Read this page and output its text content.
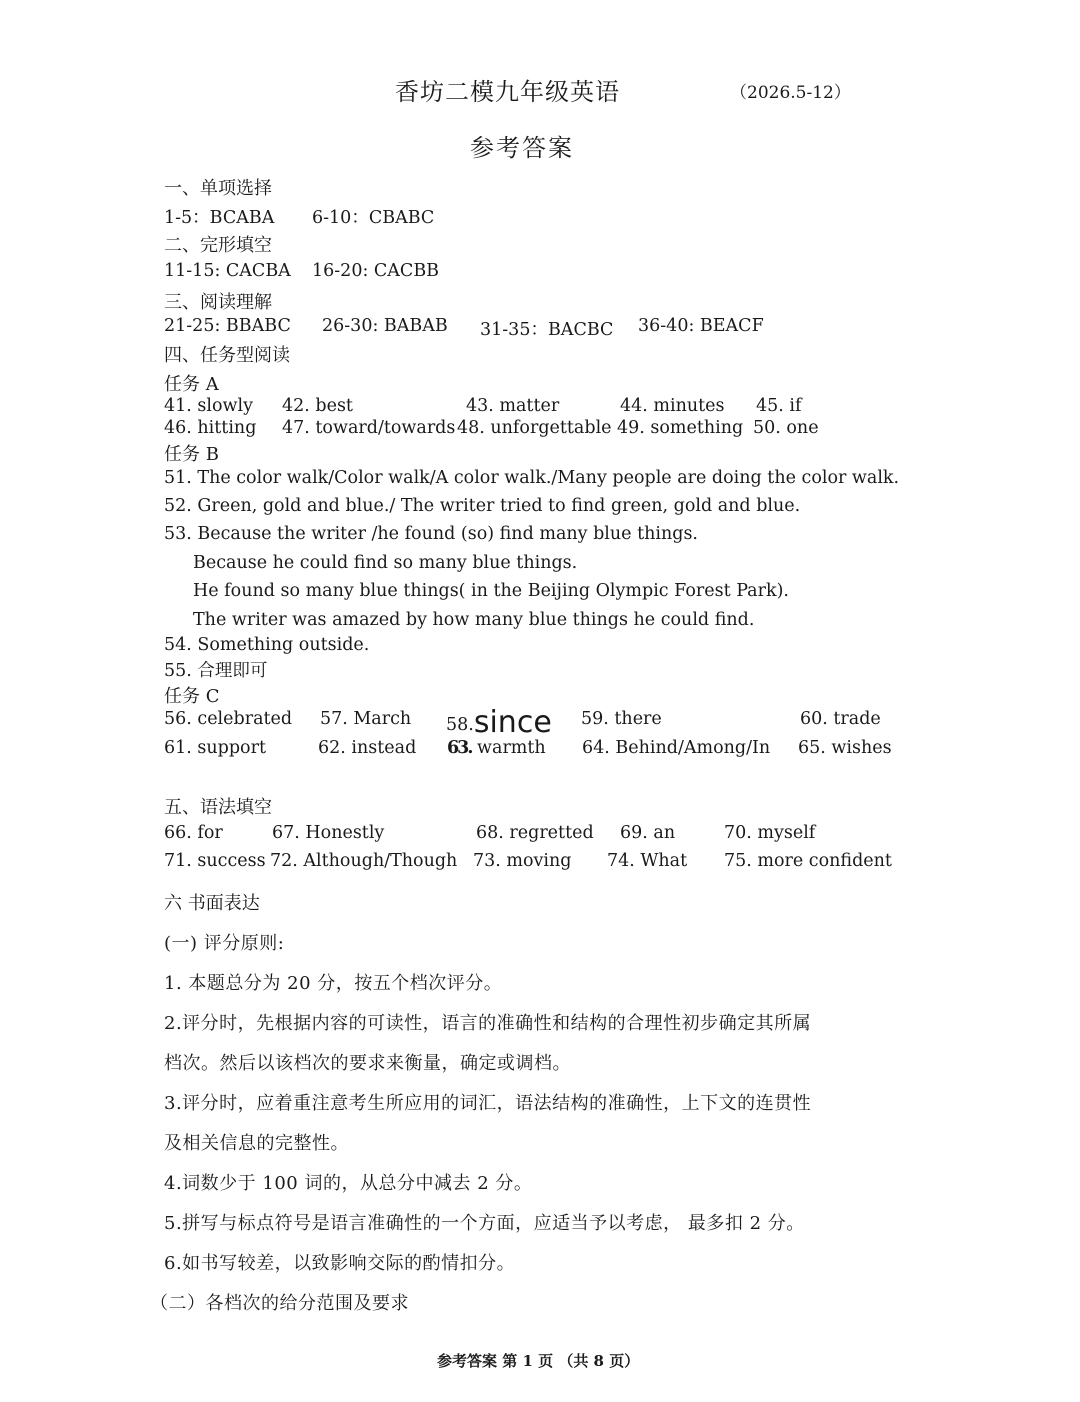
香坊二模九年级英语	（2026.5-12）
参考答案
一、单项选择
1-5：BCABA 6-10：CBABC
二、完形填空
11-15: CACBA 16-20: CACBB
三、阅读理解
21-25: BBABC 26-30: BABAB 31-35：BACBC 36-40: BEACF
四、任务型阅读
任务 A
41. slowly 42. best	43. matter	44. minutes 45. if
46. hitting 47. toward/towards 48. unforgettable 49. something 50. one
任务 B
51. The color walk/Color walk/A color walk./Many people are doing the color walk.
52. Green, gold and blue./ The writer tried to find green, gold and blue.
53. Because the writer /he found (so) find many blue things.
Because he could find so many blue things.
He found so many blue things( in the Beijing Olympic Forest Park).
The writer was amazed by how many blue things he could find.
54. Something outside.
55. 合理即可
任务 C
56. celebrated 57. March 58.since 59. there	60. trade
61. support	62. instead 63. warmth 64. Behind/Among/In 65. wishes
五、语法填空
66. for	67. Honestly	68. regretted 69. an	70. myself
71. success 72. Although/Though 73. moving 74. What 75. more confident
六 书面表达
(一) 评分原则:
1. 本题总分为 20 分，按五个档次评分。
2.评分时，先根据内容的可读性，语言的准确性和结构的合理性初步确定其所属
档次。然后以该档次的要求来衡量，确定或调档。
3.评分时，应着重注意考生所应用的词汇，语法结构的准确性，上下文的连贯性
及相关信息的完整性。
4.词数少于 100 词的，从总分中减去 2 分。
5.拼写与标点符号是语言准确性的一个方面，应适当予以考虑， 最多扣 2 分。
6.如书写较差，以致影响交际的酌情扣分。
（二）各档次的给分范围及要求
参考答案 第 1 页 （共 8 页）
